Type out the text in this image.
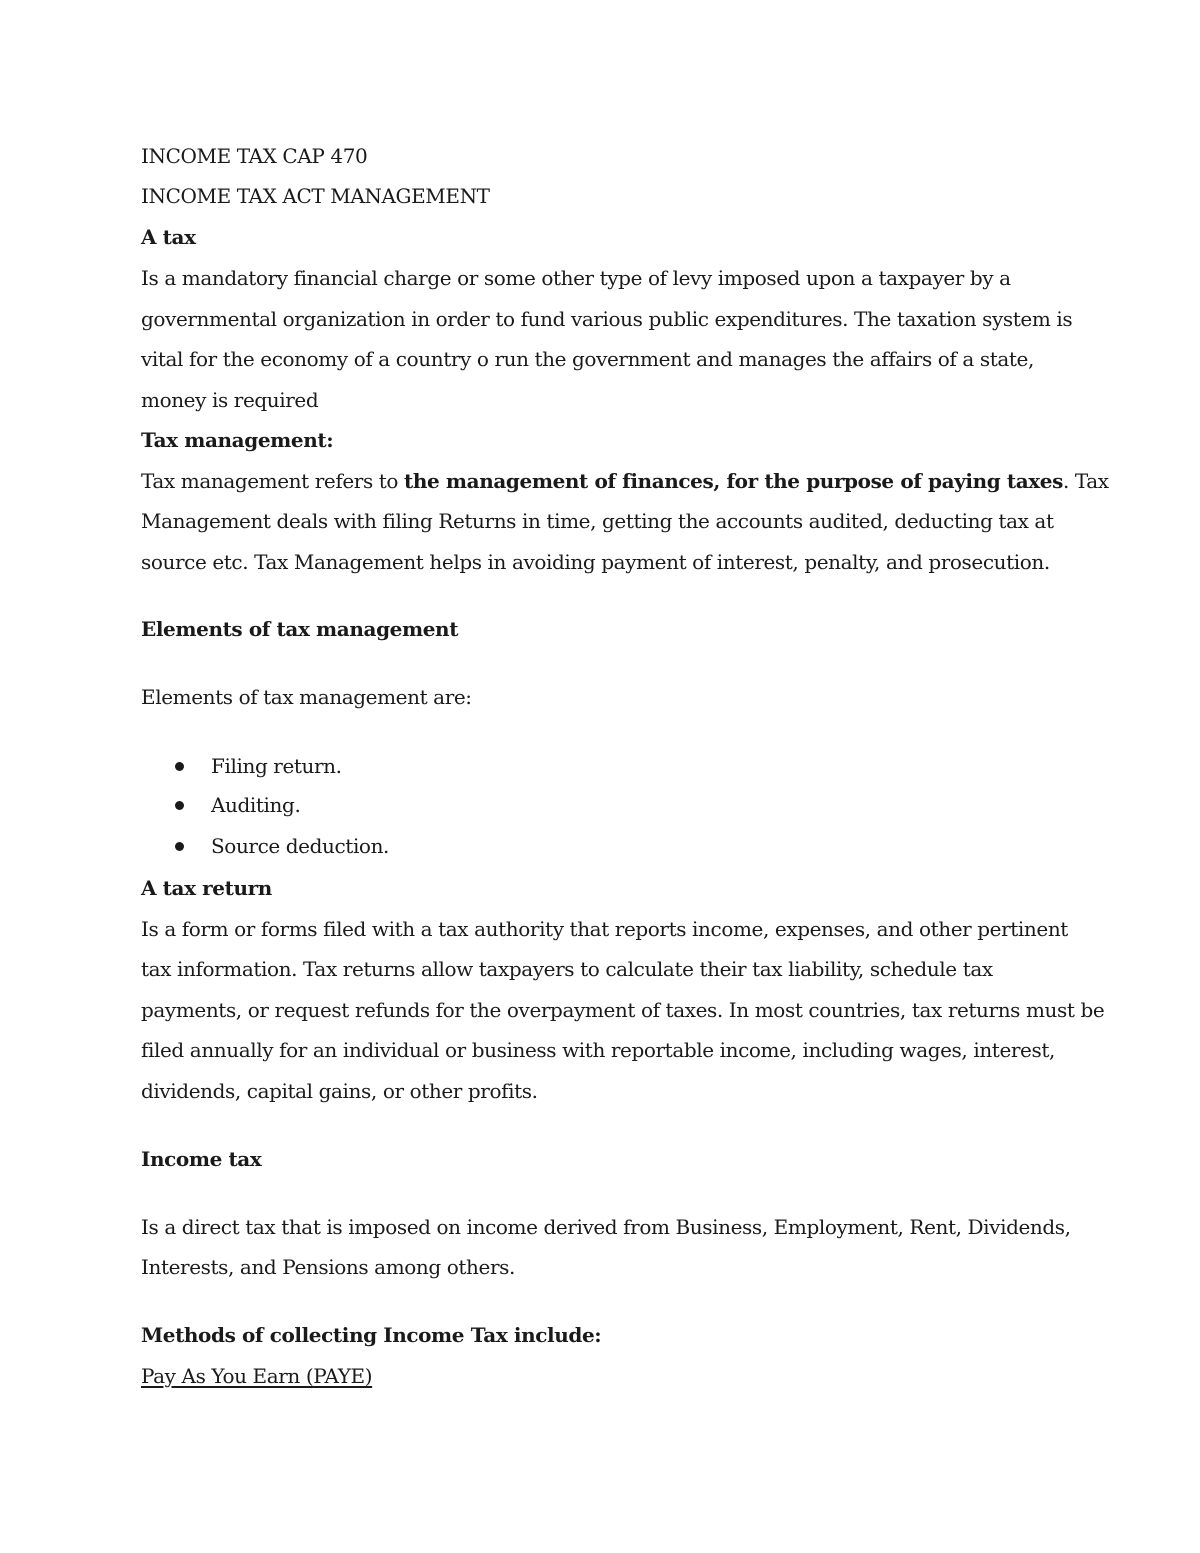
INCOME TAX CAP 470
INCOME TAX ACT MANAGEMENT
A tax
Is a mandatory financial charge or some other type of levy imposed upon a taxpayer by a
governmental organization in order to fund various public expenditures. The taxation system is
vital for the economy of a country o run the government and manages the affairs of a state,
money is required
Tax management:
Tax management refers to the management of finances, for the purpose of paying taxes. Tax
Management deals with filing Returns in time, getting the accounts audited, deducting tax at
source etc. Tax Management helps in avoiding payment of interest, penalty, and prosecution.
Elements of tax management
Elements of tax management are:
Filing return.
Auditing.
Source deduction.
A tax return
Is a form or forms filed with a tax authority that reports income, expenses, and other pertinent
tax information. Tax returns allow taxpayers to calculate their tax liability, schedule tax
payments, or request refunds for the overpayment of taxes. In most countries, tax returns must be
filed annually for an individual or business with reportable income, including wages, interest,
dividends, capital gains, or other profits.
Income tax
Is a direct tax that is imposed on income derived from Business, Employment, Rent, Dividends,
Interests, and Pensions among others.
Methods of collecting Income Tax include:
Pay As You Earn (PAYE)
